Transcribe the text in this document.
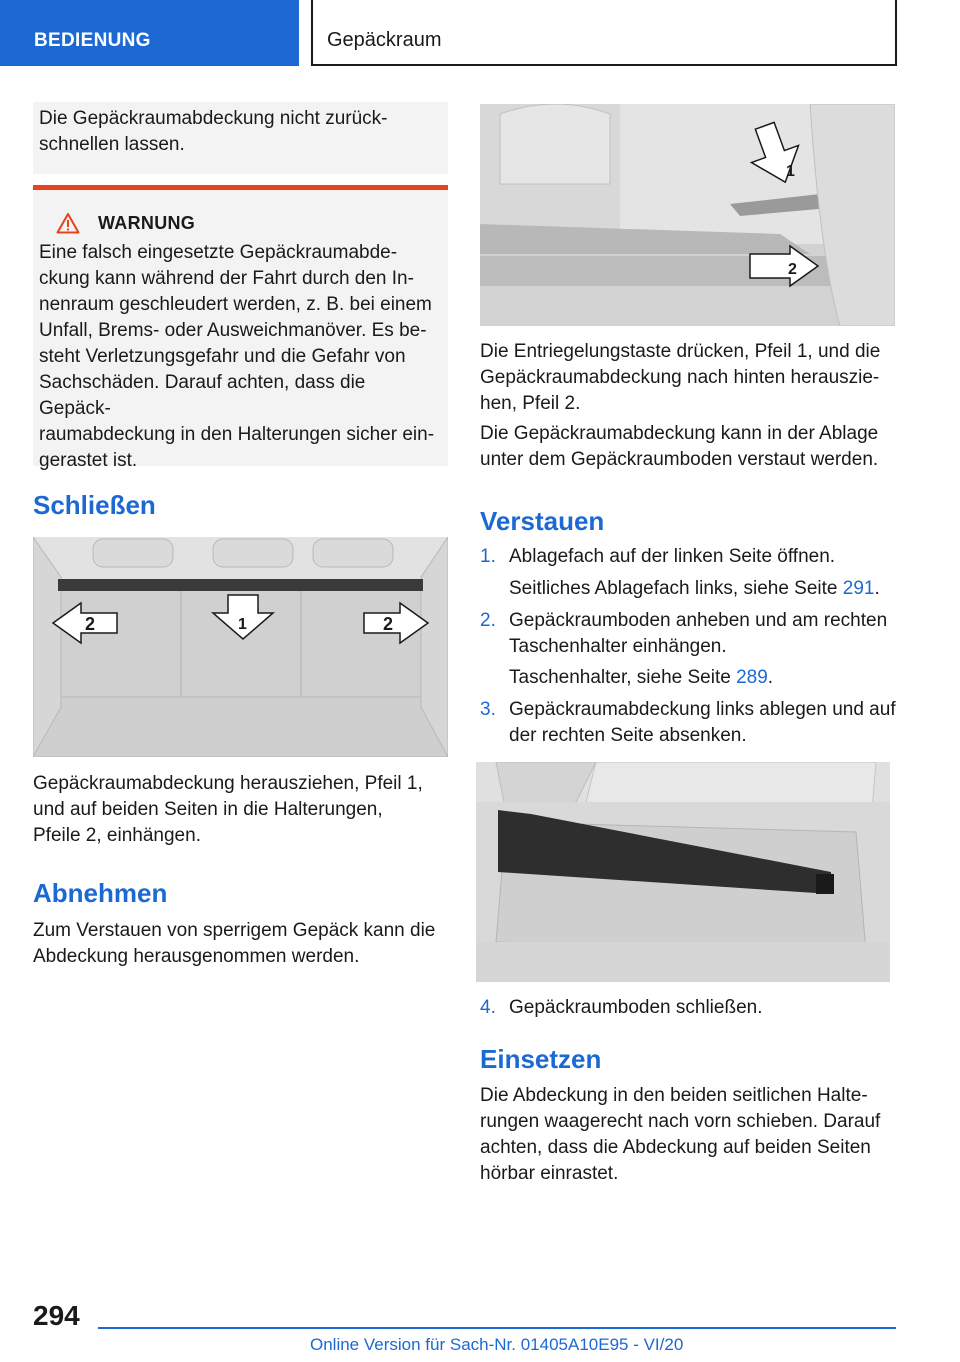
BEDIENUNG	Gepäckraum

Die Gepäckraumabdeckung nicht zurück-

schnellen lassen.

WARNUNG

Eine falsch eingesetzte Gepäckraumabde-

ckung kann während der Fahrt durch den In-

nenraum geschleudert werden, z. B. bei einem

Unfall, Brems- oder Ausweichmanöver. Es be-

steht Verletzungsgefahr und die Gefahr von

Sachschäden. Darauf achten, dass die Gepäck-

raumabdeckung in den Halterungen sicher ein-

gerastet ist.

Schließen
1
2	2

Gepäckraumabdeckung herausziehen, Pfeil 1,

und auf beiden Seiten in die Halterungen,

Pfeile 2, einhängen.

Abnehmen

Zum Verstauen von sperrigem Gepäck kann die

Abdeckung herausgenommen werden.

1
2

Die Entriegelungstaste drücken, Pfeil 1, und die

Gepäckraumabdeckung nach hinten herauszie-

hen, Pfeil 2.

Die Gepäckraumabdeckung kann in der Ablage

unter dem Gepäckraumboden verstaut werden.

Verstauen
1. Ablagefach auf der linken Seite öffnen.

Seitliches Ablagefach links, siehe Seite 291.
2. Gepäckraumboden anheben und am rechten

Taschenhalter einhängen.

Taschenhalter, siehe Seite 289.
3. Gepäckraumabdeckung links ablegen und auf

der rechten Seite absenken.

4. Gepäckraumboden schließen.

Einsetzen

Die Abdeckung in den beiden seitlichen Halte-

rungen waagerecht nach vorn schieben. Darauf

achten, dass die Abdeckung auf beiden Seiten

hörbar einrastet.

294
Online Version für Sach-Nr. 01405A10E95 - VI/20
